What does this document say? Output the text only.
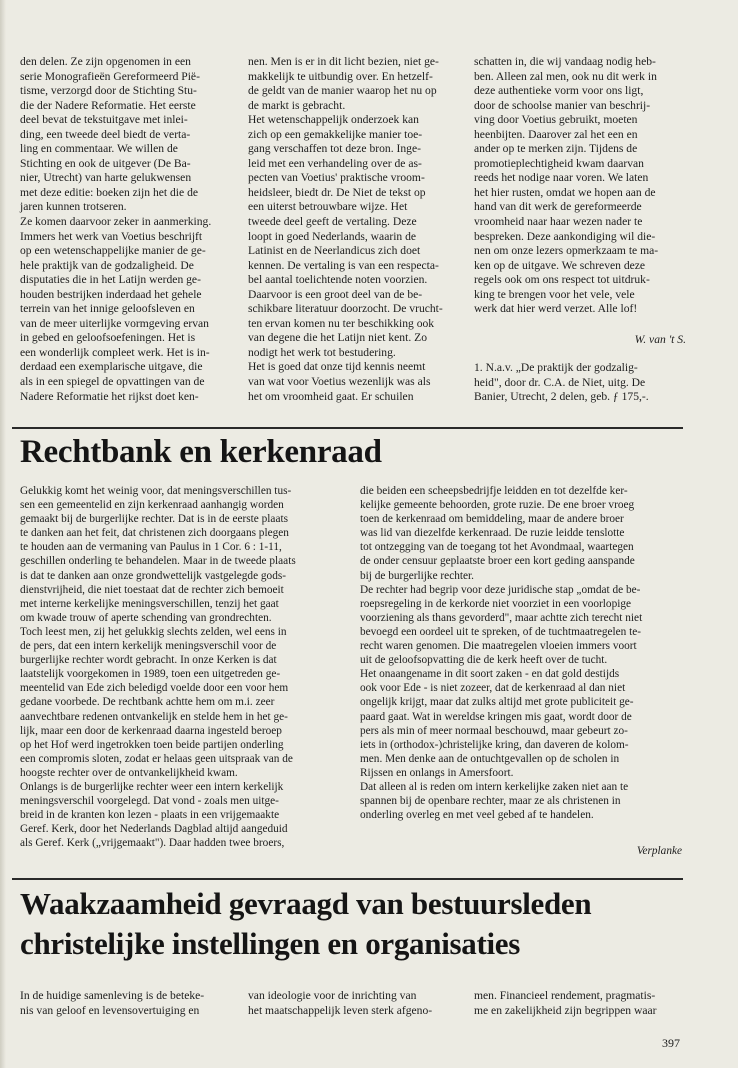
den delen. Ze zijn opgenomen in een
serie Monografieën Gereformeerd Pië-
tisme, verzorgd door de Stichting Stu-
die der Nadere Reformatie. Het eerste
deel bevat de tekstuitgave met inlei-
ding, een tweede deel biedt de verta-
ling en commentaar. We willen de
Stichting en ook de uitgever (De Ba-
nier, Utrecht) van harte gelukwensen
met deze editie: boeken zijn het die de
jaren kunnen trotseren.
Ze komen daarvoor zeker in aanmerking.
Immers het werk van Voetius beschrijft
op een wetenschappelijke manier de ge-
hele praktijk van de godzaligheid. De
disputaties die in het Latijn werden ge-
houden bestrijken inderdaad het gehele
terrein van het innige geloofsleven en
van de meer uiterlijke vormgeving ervan
in gebed en geloofsoefeningen. Het is
een wonderlijk compleet werk. Het is in-
derdaad een exemplarische uitgave, die
als in een spiegel de opvattingen van de
Nadere Reformatie het rijkst doet ken-
nen. Men is er in dit licht bezien, niet ge-
makkelijk te uitbundig over. En hetzelf-
de geldt van de manier waarop het nu op
de markt is gebracht.
Het wetenschappelijk onderzoek kan
zich op een gemakkelijke manier toe-
gang verschaffen tot deze bron. Inge-
leid met een verhandeling over de as-
pecten van Voetius' praktische vroom-
heidsleer, biedt dr. De Niet de tekst op
een uiterst betrouwbare wijze. Het
tweede deel geeft de vertaling. Deze
loopt in goed Nederlands, waarin de
Latinist en de Neerlandicus zich doet
kennen. De vertaling is van een respecta-
bel aantal toelichtende noten voorzien.
Daarvoor is een groot deel van de be-
schikbare literatuur doorzocht. De vrucht-
ten ervan komen nu ter beschikking ook
van degene die het Latijn niet kent. Zo
nodigt het werk tot bestudering.
Het is goed dat onze tijd kennis neemt
van wat voor Voetius wezenlijk was als
het om vroomheid gaat. Er schuilen
schatten in, die wij vandaag nodig heb-
ben. Alleen zal men, ook nu dit werk in
deze authentieke vorm voor ons ligt,
door de schoolse manier van beschrij-
ving door Voetius gebruikt, moeten
heenbijten. Daarover zal het een en
ander op te merken zijn. Tijdens de
promotieplechtigheid kwam daarvan
reeds het nodige naar voren. We laten
het hier rusten, omdat we hopen aan de
hand van dit werk de gereformeerde
vroomheid naar haar wezen nader te
bespreken. Deze aankondiging wil die-
nen om onze lezers opmerkzaam te ma-
ken op de uitgave. We schreven deze
regels ook om ons respect tot uitdruk-
king te brengen voor het vele, vele
werk dat hier werd verzet. Alle lof!
W. van 't S.
1. N.a.v. „De praktijk der godzalig-
heid", door dr. C.A. de Niet, uitg. De
Banier, Utrecht, 2 delen, geb. ƒ 175,-.
Rechtbank en kerkenraad
Gelukkig komt het weinig voor, dat meningsverschillen tus-
sen een gemeentelid en zijn kerkenraad aanhangig worden
gemaakt bij de burgerlijke rechter. Dat is in de eerste plaats
te danken aan het feit, dat christenen zich doorgaans plegen
te houden aan de vermaning van Paulus in 1 Cor. 6 : 1-11,
geschillen onderling te behandelen. Maar in de tweede plaats
is dat te danken aan onze grondwettelijk vastgelegde gods-
dienstvrijheid, die niet toestaat dat de rechter zich bemoeit
met interne kerkelijke meningsverschillen, tenzij het gaat
om kwade trouw of aperte schending van grondrechten.
Toch leest men, zij het gelukkig slechts zelden, wel eens in
de pers, dat een intern kerkelijk meningsverschil voor de
burgerlijke rechter wordt gebracht. In onze Kerken is dat
laatstelijk voorgekomen in 1989, toen een uitgetreden ge-
meentelid van Ede zich beledigd voelde door een voor hem
gedane voorbede. De rechtbank achtte hem om m.i. zeer
aanvechtbare redenen ontvankelijk en stelde hem in het ge-
lijk, maar een door de kerkenraad daarna ingesteld beroep
op het Hof werd ingetrokken toen beide partijen onderling
een compromis sloten, zodat er helaas geen uitspraak van de
hoogste rechter over de ontvankelijkheid kwam.
Onlangs is de burgerlijke rechter weer een intern kerkelijk
meningsverschil voorgelegd. Dat vond - zoals men uitge-
breid in de kranten kon lezen - plaats in een vrijgemaakte
Geref. Kerk, door het Nederlands Dagblad altijd aangeduid
als Geref. Kerk („vrijgemaakt"). Daar hadden twee broers,
die beiden een scheepsbedrijfje leidden en tot dezelfde ker-
kelijke gemeente behoorden, grote ruzie. De ene broer vroeg
toen de kerkenraad om bemiddeling, maar de andere broer
was lid van diezelfde kerkenraad. De ruzie leidde tenslotte
tot ontzegging van de toegang tot het Avondmaal, waartegen
de onder censuur geplaatste broer een kort geding aanspande
bij de burgerlijke rechter.
De rechter had begrip voor deze juridische stap „omdat de be-
roepsregeling in de kerkorde niet voorziet in een voorlopige
voorziening als thans gevorderd", maar achtte zich terecht niet
bevoegd een oordeel uit te spreken, of de tuchtmaatregelen te-
recht waren genomen. Die maatregelen vloeien immers voort
uit de geloofsopvatting die de kerk heeft over de tucht.
Het onaangename in dit soort zaken - en dat gold destijds
ook voor Ede - is niet zozeer, dat de kerkenraad al dan niet
ongelijk krijgt, maar dat zulks altijd met grote publiciteit ge-
paard gaat. Wat in wereldse kringen mis gaat, wordt door de
pers als min of meer normaal beschouwd, maar gebeurt zo-
iets in (orthodox-)christelijke kring, dan daveren de kolom-
men. Men denke aan de ontuchtgevallen op de scholen in
Rijssen en onlangs in Amersfoort.
Dat alleen al is reden om intern kerkelijke zaken niet aan te
spannen bij de openbare rechter, maar ze als christenen in
onderling overleg en met veel gebed af te handelen.
Verplanke
Waakzaamheid gevraagd van bestuursleden
christelijke instellingen en organisaties
In de huidige samenleving is de beteke-
nis van geloof en levensovertuiging en
van ideologie voor de inrichting van
het maatschappelijk leven sterk afgeno-
men. Financieel rendement, pragmatis-
me en zakelijkheid zijn begrippen waar
397
